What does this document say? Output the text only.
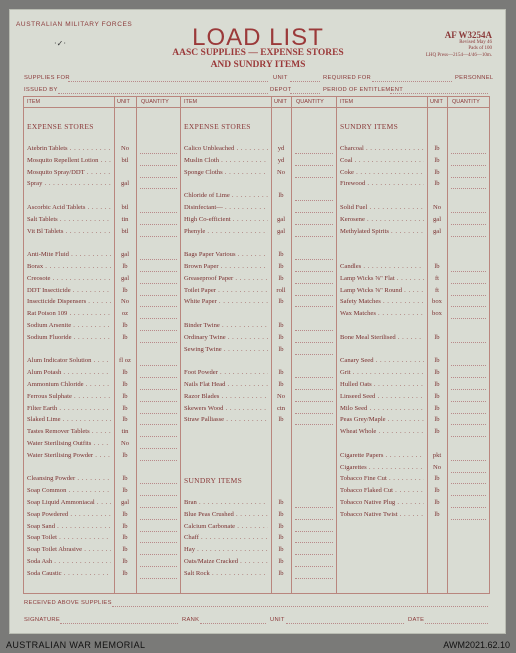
AUSTRALIAN MILITARY FORCES
·✓·	LOAD LIST
AASC SUPPLIES — EXPENSE STORES
AND SUNDRY ITEMS
AF W3254A
Revised May 46
Pads of 100
LHQ Press—2154—4/46—10m.
SUPPLIES FOR	UNIT	REQUIRED FOR	PERSONNEL
ISSUED BY	DEPOT	PERIOD OF ENTITLEMENT
ITEM	UNIT QUANTITY
EXPENSE STORES
Atebrin Tablets . . .	No
Mosquito Repellent Lotion . . .	btl
Mosquito Spray/DDT . . .
Spray . . .	gal
Ascorbic Acid Tablets . . .	btl
Salt Tablets . . .	tin
Vit Bl Tablets . . .	btl
Anti-Mite Fluid . . .	gal
Borax . . .	lb
Creosote . . .	gal
DDT Insecticide . . .	lb
Insecticide Dispensers . . .	No
Rat Poison 109 . . .	oz
Sodium Arsenite . . .	lb
Sodium Fluoride . . .	lb
Alum Indicator Solution . . .	fl oz
Alum Potash . . .	lb
Ammonium Chloride . . .	lb
Ferrous Sulphate . . .	lb
Filter Earth . . .	lb
Slaked Lime . . .	lb
Tastes Remover Tablets . . .	tin
Water Sterilising Outfits . . .	No
Water Sterilising Powder . . .	lb
Cleansing Powder . . .	lb
Soap Common . . .	lb
Soap Liquid Ammoniacal . . .	gal
Soap Powdered . . .	lb
Soap Sand . . .	lb
Soap Toilet . . .	lb
Soap Toilet Abrasive . . .	lb
Soda Ash . . .	lb
Soda Caustic . . .	lb
ITEM	UNIT QUANTITY
EXPENSE STORES
Calico Unbleached . . .	yd
Muslin Cloth . . .	yd
Sponge Cloths . . .	No
Chloride of Lime . . .	lb
Disinfectant— . . .
High Co-efficient . . .	gal
Phenyle . . .	gal
Bags Paper Various . . .	lb
Brown Paper . . .	lb
Greaseproof Paper . . .	lb
Toilet Paper . . .	roll
White Paper . . .	lb
Binder Twine . . .	lb
Ordinary Twine . . .	lb
Sewing Twine . . .	lb
Foot Powder . . .	lb
Nails Flat Head . . .	lb
Razor Blades . . .	No
Skewers Wood . . .	ctn
Straw Palliasse . . .	lb
SUNDRY ITEMS
Bran . . .	lb
Blue Peas Crushed . . .	lb
Calcium Carbonate . . .	lb
Chaff . . .	lb
Hay . . .	lb
Oats/Maize Cracked . . .	lb
Salt Rock . . .	lb
ITEM	UNIT QUANTITY
SUNDRY ITEMS
Charcoal . . .	lb
Coal . . .	lb
Coke . . .	lb
Firewood . . .	lb
Solid Fuel . . .	No
Kerosene . . .	gal
Methylated Spirits . . .	gal
Candles . . .	lb
Lamp Wicks ⅝" Flat . . .	ft
Lamp Wicks ⅝" Round . . .	ft
Safety Matches . . .	box
Wax Matches . . .	box
Bone Meal Sterilised . . .	lb
Canary Seed . . .	lb
Grit . . .	lb
Hulled Oats . . .	lb
Linseed Seed . . .	lb
Milo Seed . . .	lb
Peas Grey/Maple . . .	lb
Wheat Whole . . .	lb
Cigarette Papers . . .	pkt
Cigarettes . . .	No
Tobacco Fine Cut . . .	lb
Tobacco Flaked Cut . . .	lb
Tobacco Native Plug . . .	lb
Tobacco Native Twist . . .	lb
RECEIVED ABOVE SUPPLIES
SIGNATURE	RANK	UNIT	DATE
AUSTRALIAN WAR MEMORIAL	AWM2021.62.10
